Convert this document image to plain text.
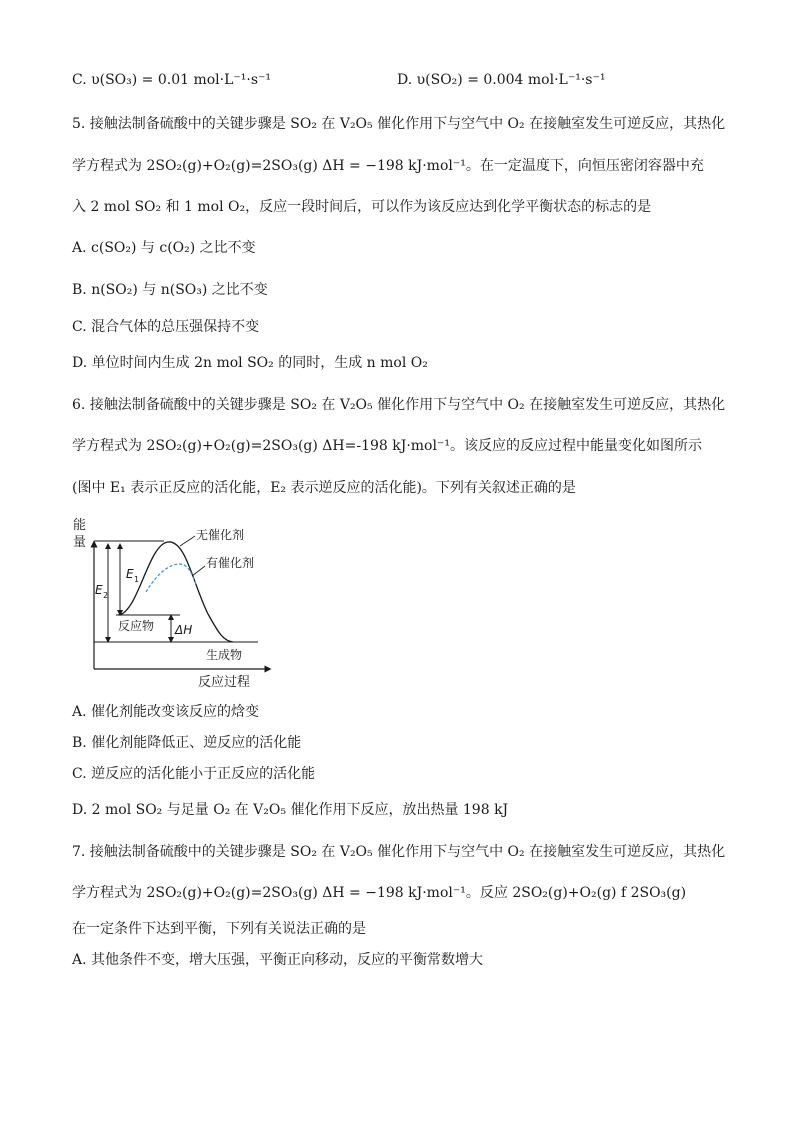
C. υ(SO₃) = 0.01 mol·L⁻¹·s⁻¹	D. υ(SO₂) = 0.004 mol·L⁻¹·s⁻¹
5. 接触法制备硫酸中的关键步骤是 SO₂ 在 V₂O₅ 催化作用下与空气中 O₂ 在接触室发生可逆反应，其热化
学方程式为 2SO₂(g)+O₂(g)=2SO₃(g) ΔH = −198 kJ·mol⁻¹。在一定温度下，向恒压密闭容器中充
入 2 mol SO₂ 和 1 mol O₂，反应一段时间后，可以作为该反应达到化学平衡状态的标志的是
A. c(SO₂) 与 c(O₂) 之比不变
B. n(SO₂) 与 n(SO₃) 之比不变
C. 混合气体的总压强保持不变
D. 单位时间内生成 2n mol SO₂ 的同时，生成 n mol O₂
6. 接触法制备硫酸中的关键步骤是 SO₂ 在 V₂O₅ 催化作用下与空气中 O₂ 在接触室发生可逆反应，其热化
学方程式为 2SO₂(g)+O₂(g)=2SO₃(g) ΔH=-198 kJ·mol⁻¹。该反应的反应过程中能量变化如图所示
(图中 E₁ 表示正反应的活化能，E₂ 表示逆反应的活化能)。下列有关叙述正确的是
能
量
反应过程
E 1
E 2
ΔH
反应物
生成物
无催化剂
有催化剂
A. 催化剂能改变该反应的焓变
B. 催化剂能降低正、逆反应的活化能
C. 逆反应的活化能小于正反应的活化能
D. 2 mol SO₂ 与足量 O₂ 在 V₂O₅ 催化作用下反应，放出热量 198 kJ
7. 接触法制备硫酸中的关键步骤是 SO₂ 在 V₂O₅ 催化作用下与空气中 O₂ 在接触室发生可逆反应，其热化
学方程式为 2SO₂(g)+O₂(g)=2SO₃(g) ΔH = −198 kJ·mol⁻¹。反应 2SO₂(g)+O₂(g) f 2SO₃(g)
在一定条件下达到平衡，下列有关说法正确的是
A. 其他条件不变，增大压强，平衡正向移动，反应的平衡常数增大
